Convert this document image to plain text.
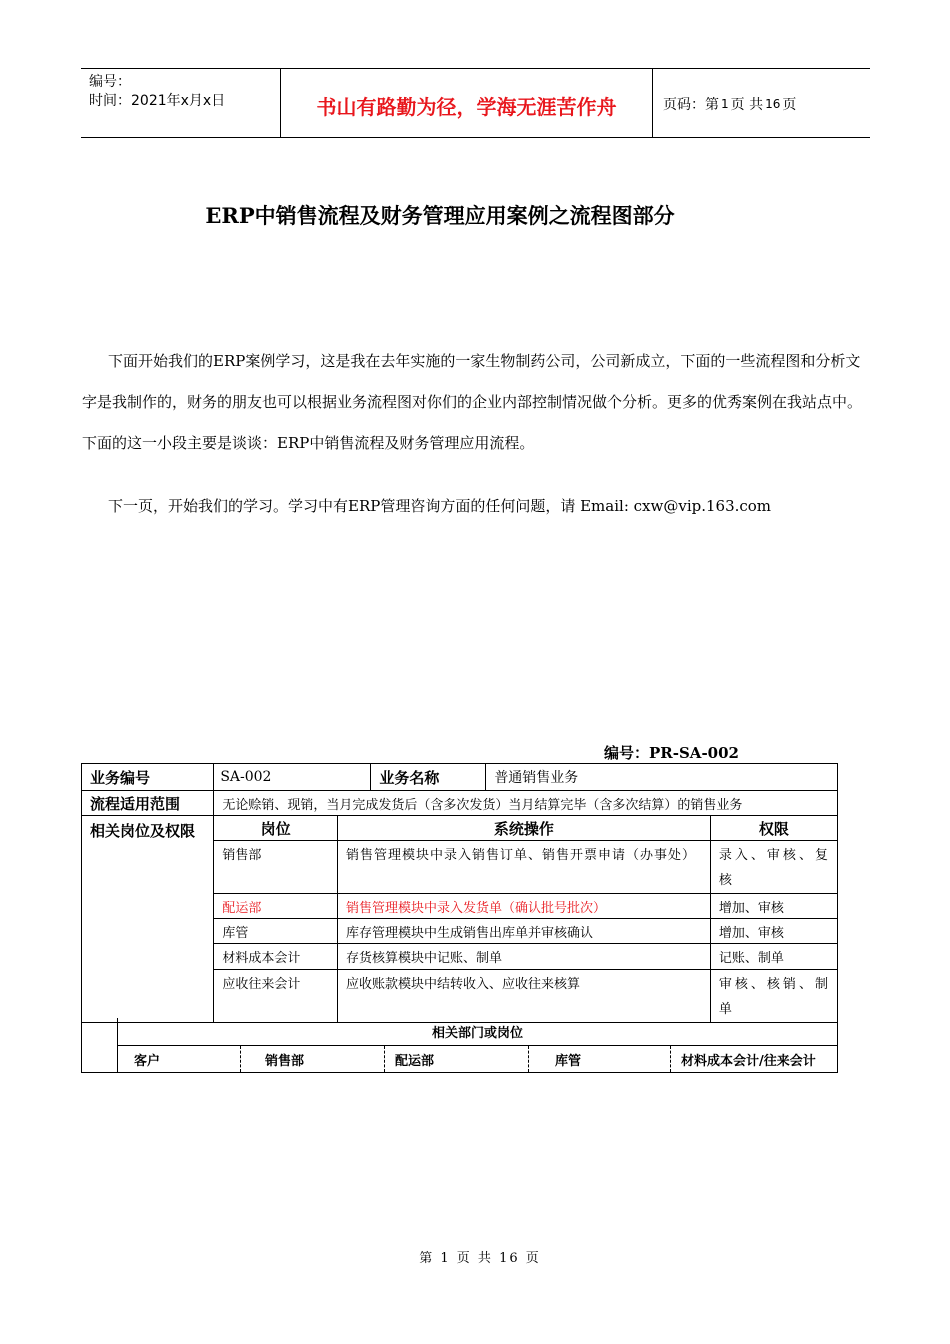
编号：
时间：2021年x月x日	书山有路勤为径，学海无涯苦作舟	页码：第 1 页 共 16 页
ERP中销售流程及财务管理应用案例之流程图部分

下面开始我们的ERP案例学习，这是我在去年实施的一家生物制药公司，公司新成立，下面的一些流程图和分析文字是我制作的，财务的朋友也可以根据业务流程图对你们的企业内部控制情况做个分析。更多的优秀案例在我站点中。下面的这一小段主要是谈谈：ERP中销售流程及财务管理应用流程。

下一页，开始我们的学习。学习中有ERP管理咨询方面的任何问题，请 Email: cxw@vip.163.com

编号：PR-SA-002
业务编号	SA-002 业务名称		普通销售业务	
流程适用范围	无论赊销、现销，当月完成发货后（含多次发货）当月结算完毕（含多次结算）的销售业务			
相关岗位及权限	岗位	系统操作		权限
	销售部	销售管理模块中录入销售订单、销售开票申请（办事处）		录入、审核、复核
	配运部	销售管理模块中录入发货单（确认批号批次）		增加、审核
	库管	库存管理模块中生成销售出库单并审核确认		增加、审核
	材料成本会计	存货核算模块中记账、制单		记账、制单
	应收往来会计	应收账款模块中结转收入、应收往来核算		审核、核销、制单
相关部门或岗位
客户	销售部	配运部	库管	材料成本会计/往来会计
第 1 页 共 16 页
